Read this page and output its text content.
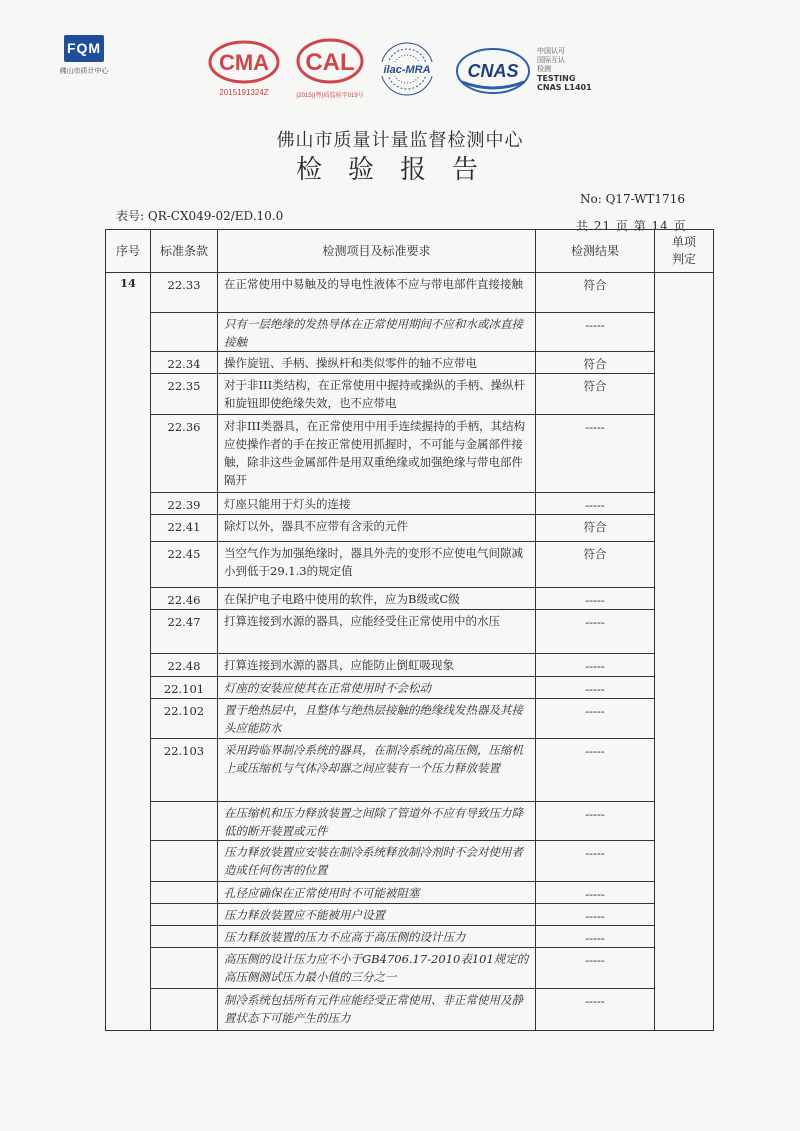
FQM
佛山市质计中心	CMA
2015191324Z
CAL
(2015)(粤)质监验字019号
ilac-MRA CNAS
中国认可
国际互认
检测
TESTING
CNAS L1401
佛山市质量计量监督检测中心
检验报告
No: Q17-WT1716
表号: QR-CX049-02/ED.10.0
共 21 页 第 14 页
序号	标准条款	检测项目及标准要求	检测结果	单项判定
14	22.33	在正常使用中易触及的导电性液体不应与带电部件直接接触	符合	
		只有一层绝缘的发热导体在正常使用期间不应和水或冰直接接触	-----	
	22.34	操作旋钮、手柄、操纵杆和类似零件的轴不应带电	符合	
	22.35	对于非III类结构，在正常使用中握持或操纵的手柄、操纵杆和旋钮即使绝缘失效，也不应带电	符合	
	22.36	对非III类器具，在正常使用中用手连续握持的手柄，其结构应使操作者的手在按正常使用抓握时，不可能与金属部件接触，除非这些金属部件是用双重绝缘或加强绝缘与带电部件隔开	-----	
	22.39	灯座只能用于灯头的连接	-----	
	22.41	除灯以外，器具不应带有含汞的元件	符合	
	22.45	当空气作为加强绝缘时，器具外壳的变形不应使电气间隙减小到低于29.1.3的规定值	符合	
	22.46	在保护电子电路中使用的软件，应为B级或C级	-----	
	22.47	打算连接到水源的器具，应能经受住正常使用中的水压	-----	
	22.48	打算连接到水源的器具，应能防止倒虹吸现象	-----	
	22.101	灯座的安装应使其在正常使用时不会松动	-----	
	22.102	置于绝热层中，且整体与绝热层接触的绝缘线发热器及其接头应能防水	-----	
	22.103	采用跨临界制冷系统的器具，在制冷系统的高压侧，压缩机上或压缩机与气体冷却器之间应装有一个压力释放装置	-----	
		在压缩机和压力释放装置之间除了管道外不应有导致压力降低的断开装置或元件	-----	
		压力释放装置应安装在制冷系统释放制冷剂时不会对使用者造成任何伤害的位置	-----	
		孔径应确保在正常使用时不可能被阻塞	-----	
		压力释放装置应不能被用户设置	-----	
		压力释放装置的压力不应高于高压侧的设计压力	-----	
		高压侧的设计压力应不小于GB4706.17-2010表101规定的高压侧测试压力最小值的三分之一	-----	
		制冷系统包括所有元件应能经受正常使用、非正常使用及静置状态下可能产生的压力	-----	
